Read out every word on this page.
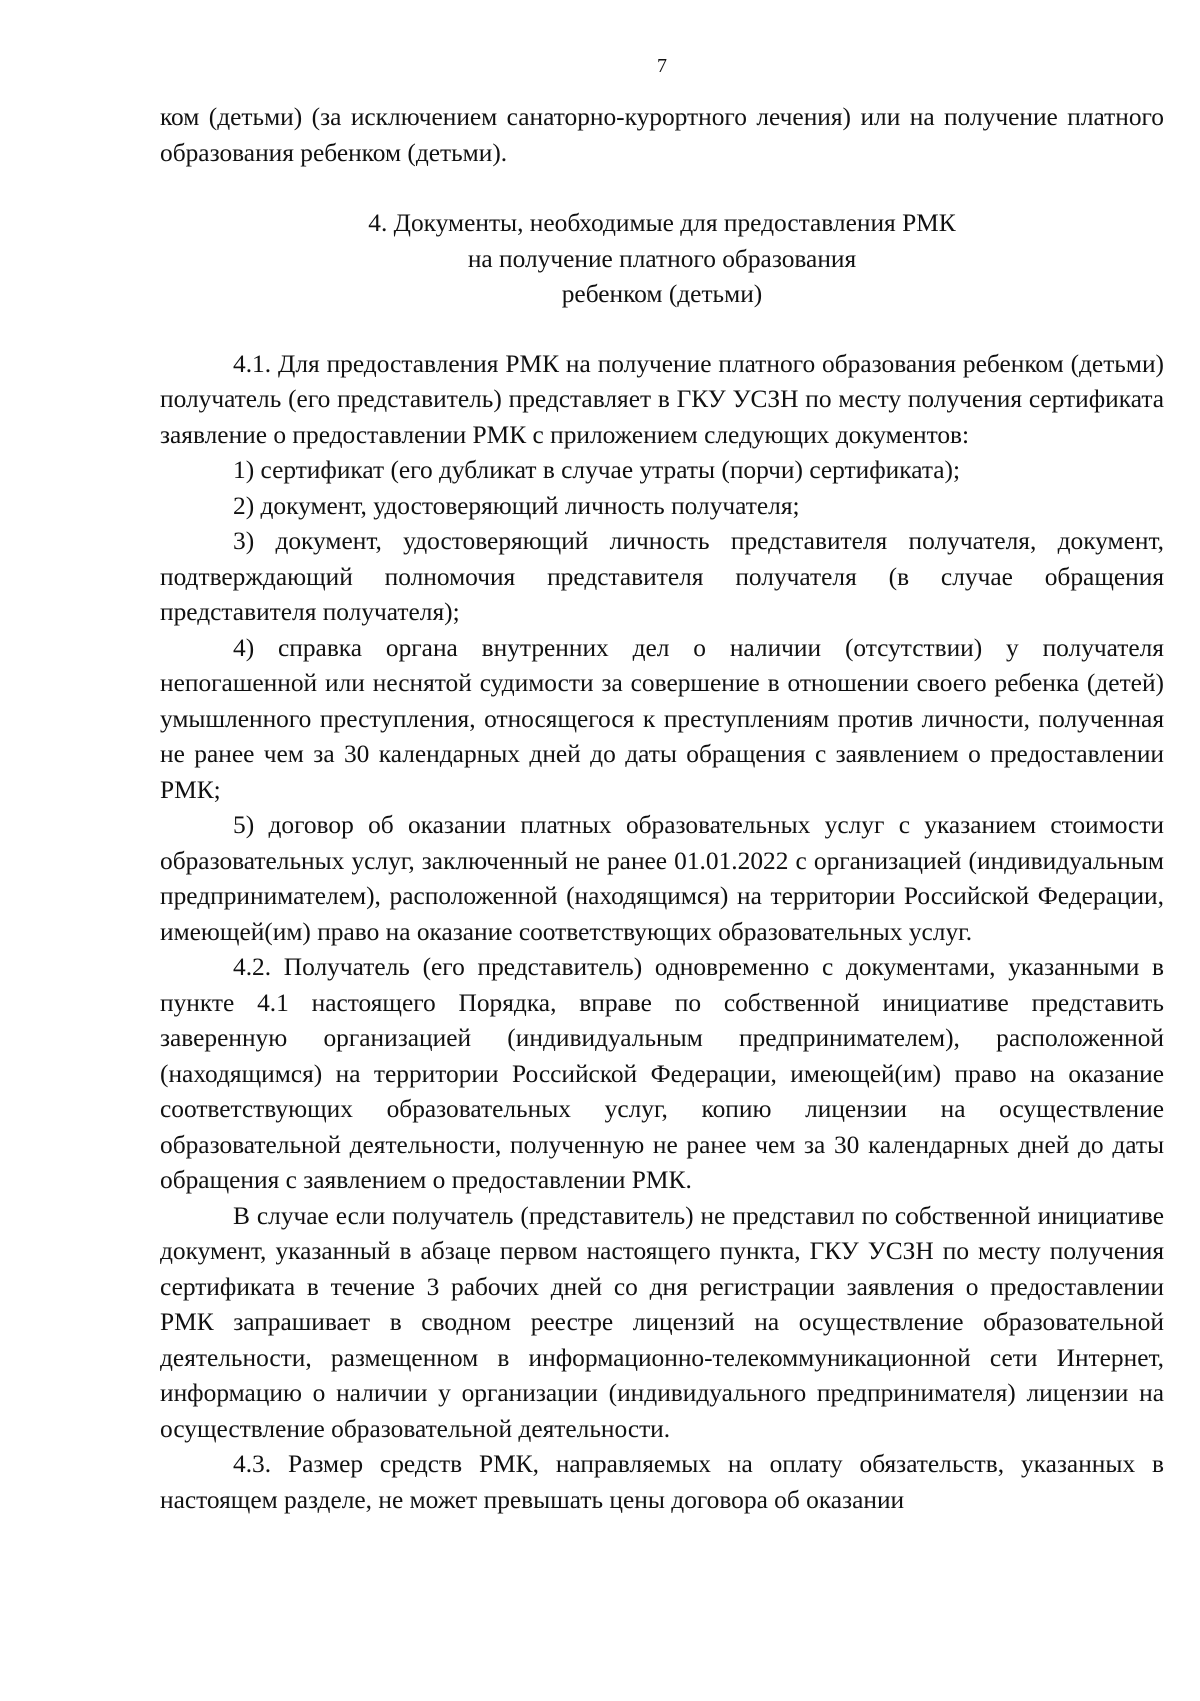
7

ком (детьми) (за исключением санаторно-курортного лечения) или на получение платного образования ребенком (детьми).

4. Документы, необходимые для предоставления РМК
на получение платного образования
ребенком (детьми)

4.1. Для предоставления РМК на получение платного образования ребенком (детьми) получатель (его представитель) представляет в ГКУ УСЗН по месту получения сертификата заявление о предоставлении РМК с приложением следующих документов:

1) сертификат (его дубликат в случае утраты (порчи) сертификата);

2) документ, удостоверяющий личность получателя;

3) документ, удостоверяющий личность представителя получателя, документ, подтверждающий полномочия представителя получателя (в случае обращения представителя получателя);

4) справка органа внутренних дел о наличии (отсутствии) у получателя непогашенной или неснятой судимости за совершение в отношении своего ребенка (детей) умышленного преступления, относящегося к преступлениям против личности, полученная не ранее чем за 30 календарных дней до даты обращения с заявлением о предоставлении РМК;

5) договор об оказании платных образовательных услуг с указанием стоимости образовательных услуг, заключенный не ранее 01.01.2022 с организацией (индивидуальным предпринимателем), расположенной (находящимся) на территории Российской Федерации, имеющей(им) право на оказание соответствующих образовательных услуг.

4.2. Получатель (его представитель) одновременно с документами, указанными в пункте 4.1 настоящего Порядка, вправе по собственной инициативе представить заверенную организацией (индивидуальным предпринимателем), расположенной (находящимся) на территории Российской Федерации, имеющей(им) право на оказание соответствующих образовательных услуг, копию лицензии на осуществление образовательной деятельности, полученную не ранее чем за 30 календарных дней до даты обращения с заявлением о предоставлении РМК.

В случае если получатель (представитель) не представил по собственной инициативе документ, указанный в абзаце первом настоящего пункта, ГКУ УСЗН по месту получения сертификата в течение 3 рабочих дней со дня регистрации заявления о предоставлении РМК запрашивает в сводном реестре лицензий на осуществление образовательной деятельности, размещенном в информационно-телекоммуникационной сети Интернет, информацию о наличии у организации (индивидуального предпринимателя) лицензии на осуществление образовательной деятельности.

4.3. Размер средств РМК, направляемых на оплату обязательств, указанных в настоящем разделе, не может превышать цены договора об оказании
